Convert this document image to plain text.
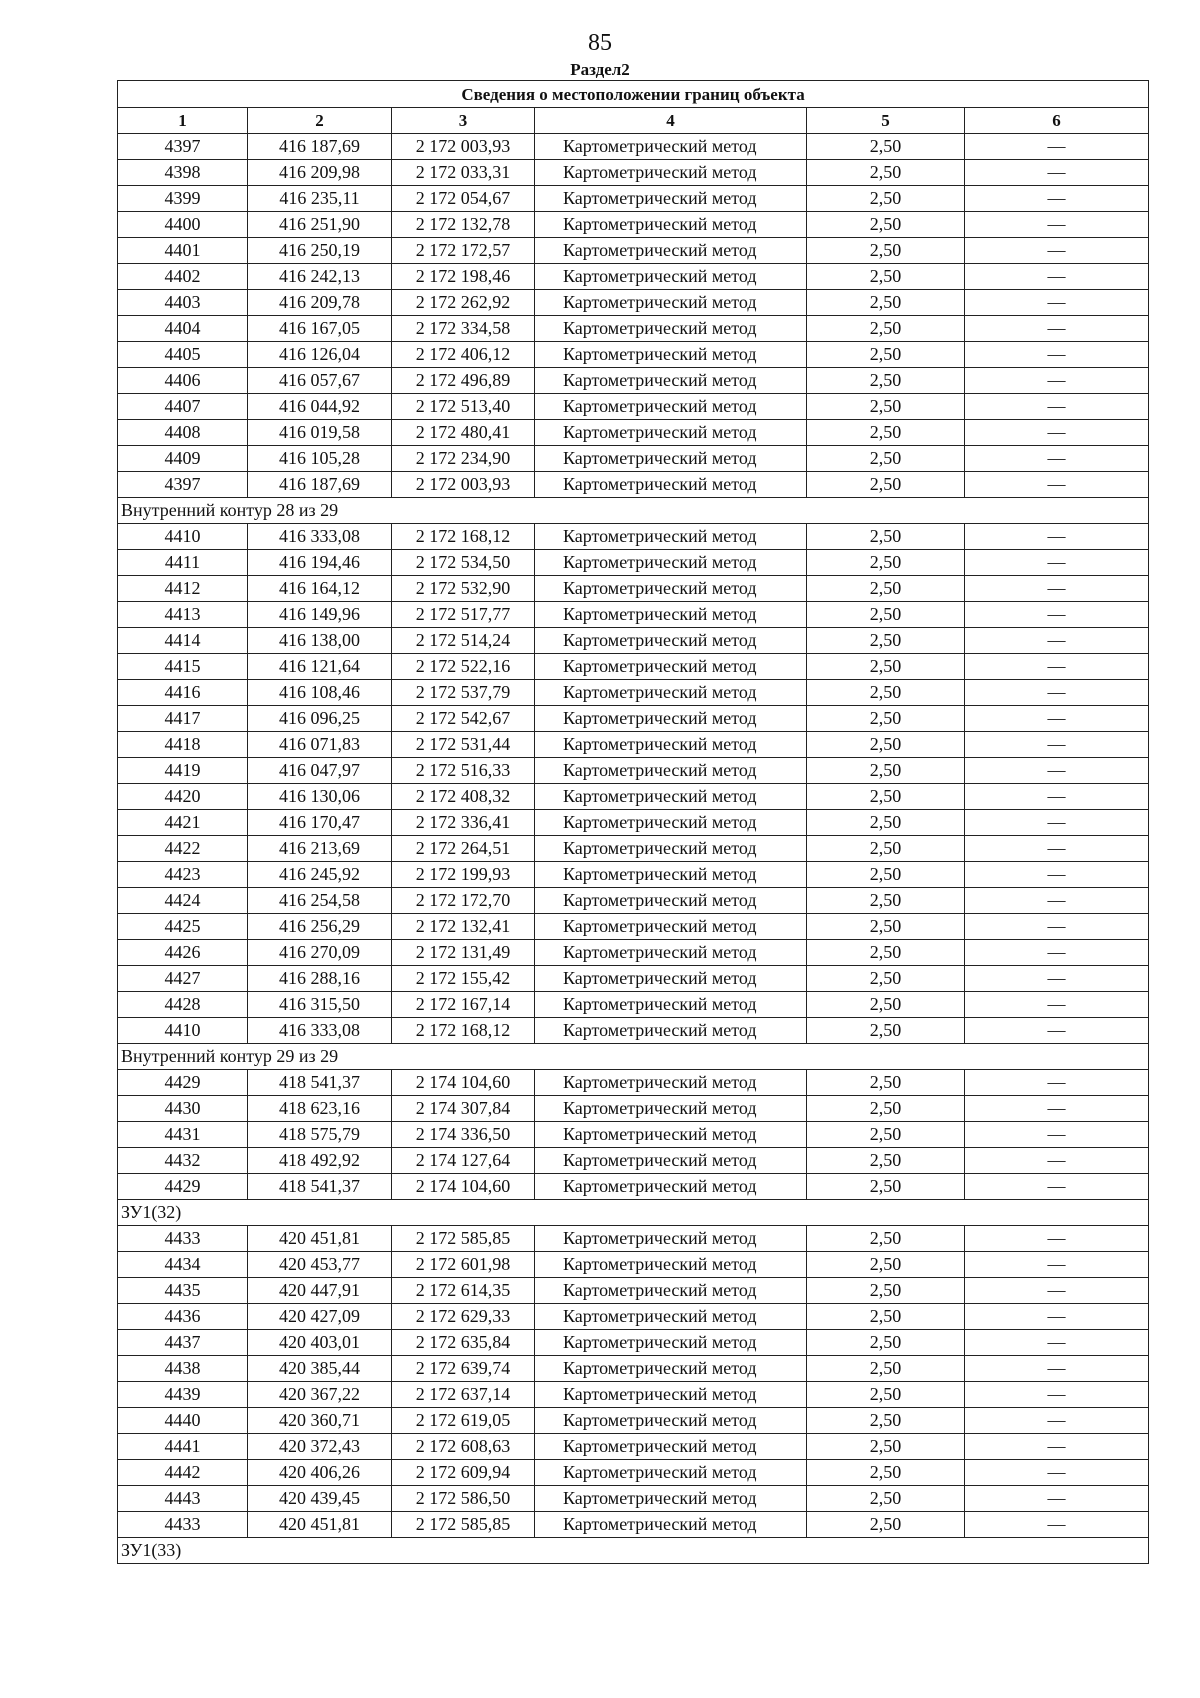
85
Раздел2
Сведения о местоположении границ объекта					
1	2	3	4	5	6
4397	416 187,69	2 172 003,93	Картометрический метод	2,50	—
4398	416 209,98	2 172 033,31	Картометрический метод	2,50	—
4399	416 235,11	2 172 054,67	Картометрический метод	2,50	—
4400	416 251,90	2 172 132,78	Картометрический метод	2,50	—
4401	416 250,19	2 172 172,57	Картометрический метод	2,50	—
4402	416 242,13	2 172 198,46	Картометрический метод	2,50	—
4403	416 209,78	2 172 262,92	Картометрический метод	2,50	—
4404	416 167,05	2 172 334,58	Картометрический метод	2,50	—
4405	416 126,04	2 172 406,12	Картометрический метод	2,50	—
4406	416 057,67	2 172 496,89	Картометрический метод	2,50	—
4407	416 044,92	2 172 513,40	Картометрический метод	2,50	—
4408	416 019,58	2 172 480,41	Картометрический метод	2,50	—
4409	416 105,28	2 172 234,90	Картометрический метод	2,50	—
4397	416 187,69	2 172 003,93	Картометрический метод	2,50	—
Внутренний контур 28 из 29					
4410	416 333,08	2 172 168,12	Картометрический метод	2,50	—
4411	416 194,46	2 172 534,50	Картометрический метод	2,50	—
4412	416 164,12	2 172 532,90	Картометрический метод	2,50	—
4413	416 149,96	2 172 517,77	Картометрический метод	2,50	—
4414	416 138,00	2 172 514,24	Картометрический метод	2,50	—
4415	416 121,64	2 172 522,16	Картометрический метод	2,50	—
4416	416 108,46	2 172 537,79	Картометрический метод	2,50	—
4417	416 096,25	2 172 542,67	Картометрический метод	2,50	—
4418	416 071,83	2 172 531,44	Картометрический метод	2,50	—
4419	416 047,97	2 172 516,33	Картометрический метод	2,50	—
4420	416 130,06	2 172 408,32	Картометрический метод	2,50	—
4421	416 170,47	2 172 336,41	Картометрический метод	2,50	—
4422	416 213,69	2 172 264,51	Картометрический метод	2,50	—
4423	416 245,92	2 172 199,93	Картометрический метод	2,50	—
4424	416 254,58	2 172 172,70	Картометрический метод	2,50	—
4425	416 256,29	2 172 132,41	Картометрический метод	2,50	—
4426	416 270,09	2 172 131,49	Картометрический метод	2,50	—
4427	416 288,16	2 172 155,42	Картометрический метод	2,50	—
4428	416 315,50	2 172 167,14	Картометрический метод	2,50	—
4410	416 333,08	2 172 168,12	Картометрический метод	2,50	—
Внутренний контур 29 из 29					
4429	418 541,37	2 174 104,60	Картометрический метод	2,50	—
4430	418 623,16	2 174 307,84	Картометрический метод	2,50	—
4431	418 575,79	2 174 336,50	Картометрический метод	2,50	—
4432	418 492,92	2 174 127,64	Картометрический метод	2,50	—
4429	418 541,37	2 174 104,60	Картометрический метод	2,50	—
ЗУ1(32)					
4433	420 451,81	2 172 585,85	Картометрический метод	2,50	—
4434	420 453,77	2 172 601,98	Картометрический метод	2,50	—
4435	420 447,91	2 172 614,35	Картометрический метод	2,50	—
4436	420 427,09	2 172 629,33	Картометрический метод	2,50	—
4437	420 403,01	2 172 635,84	Картометрический метод	2,50	—
4438	420 385,44	2 172 639,74	Картометрический метод	2,50	—
4439	420 367,22	2 172 637,14	Картометрический метод	2,50	—
4440	420 360,71	2 172 619,05	Картометрический метод	2,50	—
4441	420 372,43	2 172 608,63	Картометрический метод	2,50	—
4442	420 406,26	2 172 609,94	Картометрический метод	2,50	—
4443	420 439,45	2 172 586,50	Картометрический метод	2,50	—
4433	420 451,81	2 172 585,85	Картометрический метод	2,50	—
ЗУ1(33)					
